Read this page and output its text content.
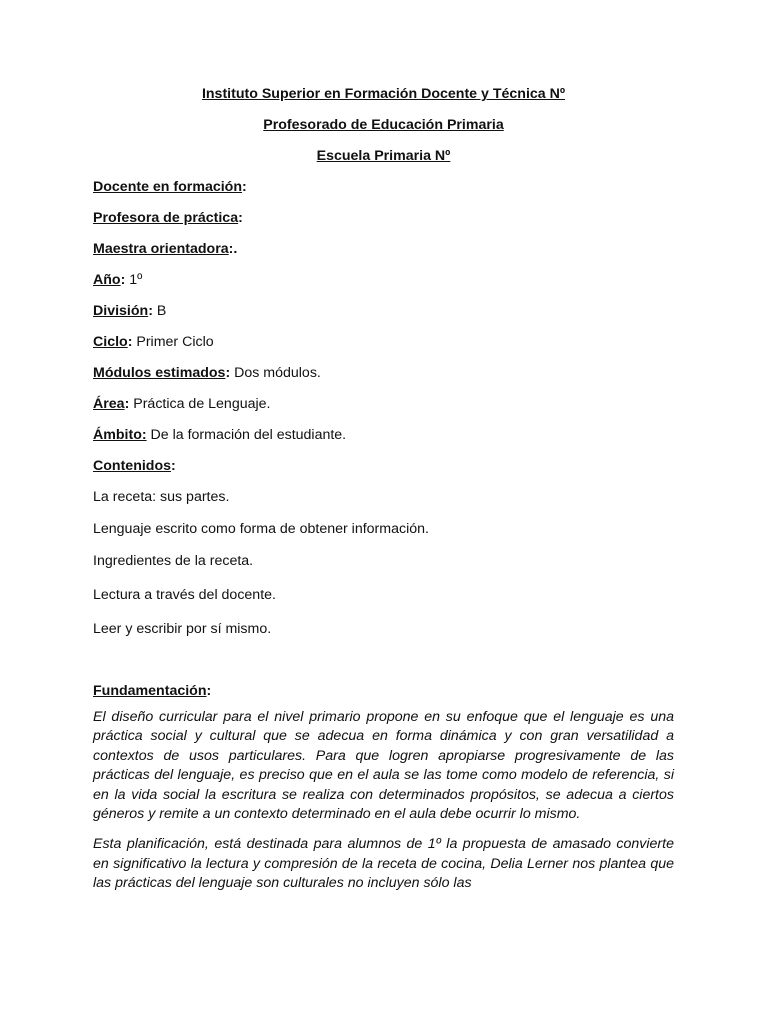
Instituto Superior en Formación Docente y Técnica Nº

Profesorado de Educación Primaria

Escuela Primaria Nº

Docente en formación:

Profesora de práctica:

Maestra orientadora:.

Año: 1º

División: B

Ciclo: Primer Ciclo

Módulos estimados: Dos módulos.

Área: Práctica de Lenguaje.

Ámbito: De la formación del estudiante.

Contenidos:

La receta: sus partes.

Lenguaje escrito como forma de obtener información.

Ingredientes de la receta.

Lectura a través del docente.

Leer y escribir por sí mismo.

Fundamentación:

El diseño curricular para el nivel primario propone en su enfoque que el lenguaje es una práctica social y cultural que se adecua en forma dinámica y con gran versatilidad a contextos de usos particulares. Para que logren apropiarse progresivamente de las prácticas del lenguaje, es preciso que en el aula se las tome como modelo de referencia, si en la vida social la escritura se realiza con determinados propósitos, se adecua a ciertos géneros y remite a un contexto determinado en el aula debe ocurrir lo mismo.

Esta planificación, está destinada para alumnos de 1º la propuesta de amasado convierte en significativo la lectura y compresión de la receta de cocina, Delia Lerner nos plantea que las prácticas del lenguaje son culturales no incluyen sólo las
